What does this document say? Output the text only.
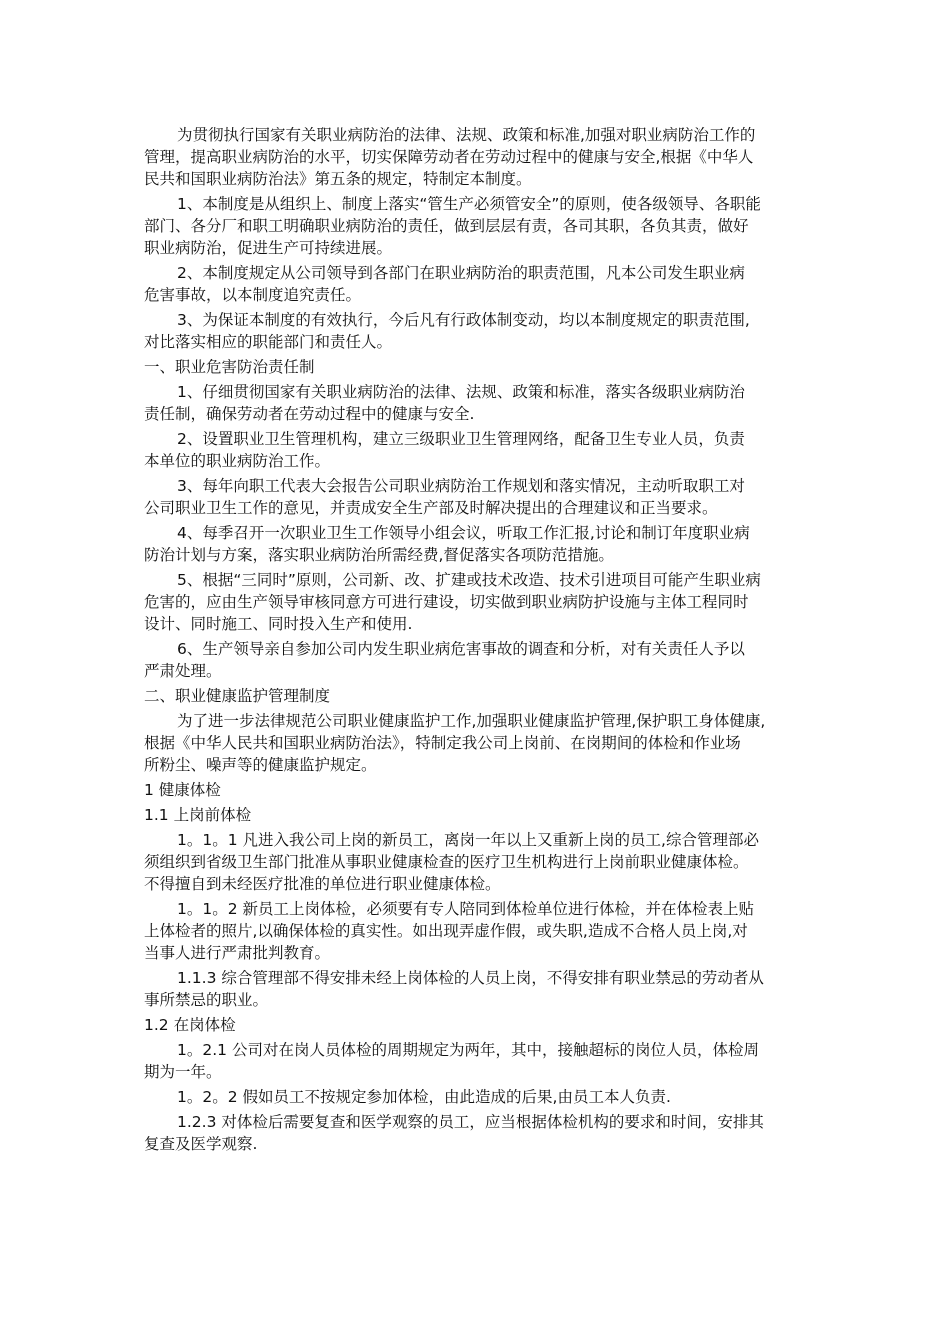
为贯彻执行国家有关职业病防治的法律、法规、政策和标准,加强对职业病防治工作的
管理，提高职业病防治的水平，切实保障劳动者在劳动过程中的健康与安全,根据《中华人
民共和国职业病防治法》第五条的规定，特制定本制度。
1、本制度是从组织上、制度上落实“管生产必须管安全”的原则，使各级领导、各职能
部门、各分厂和职工明确职业病防治的责任，做到层层有责，各司其职，各负其责，做好
职业病防治，促进生产可持续进展。
2、本制度规定从公司领导到各部门在职业病防治的职责范围，凡本公司发生职业病
危害事故，以本制度追究责任。
3、为保证本制度的有效执行，今后凡有行政体制变动，均以本制度规定的职责范围,
对比落实相应的职能部门和责任人。
一、职业危害防治责任制
1、仔细贯彻国家有关职业病防治的法律、法规、政策和标准，落实各级职业病防治
责任制，确保劳动者在劳动过程中的健康与安全.
2、设置职业卫生管理机构，建立三级职业卫生管理网络，配备卫生专业人员，负责
本单位的职业病防治工作。
3、每年向职工代表大会报告公司职业病防治工作规划和落实情况，主动听取职工对
公司职业卫生工作的意见，并责成安全生产部及时解决提出的合理建议和正当要求。
4、每季召开一次职业卫生工作领导小组会议，听取工作汇报,讨论和制订年度职业病
防治计划与方案，落实职业病防治所需经费,督促落实各项防范措施。
5、根据“三同时”原则，公司新、改、扩建或技术改造、技术引进项目可能产生职业病
危害的，应由生产领导审核同意方可进行建设，切实做到职业病防护设施与主体工程同时
设计、同时施工、同时投入生产和使用.
6、生产领导亲自参加公司内发生职业病危害事故的调查和分析，对有关责任人予以
严肃处理。
二、职业健康监护管理制度
为了进一步法律规范公司职业健康监护工作,加强职业健康监护管理,保护职工身体健康,
根据《中华人民共和国职业病防治法》，特制定我公司上岗前、在岗期间的体检和作业场
所粉尘、噪声等的健康监护规定。
1 健康体检
1.1 上岗前体检
1。1。1 凡进入我公司上岗的新员工，离岗一年以上又重新上岗的员工,综合管理部必
须组织到省级卫生部门批准从事职业健康检查的医疗卫生机构进行上岗前职业健康体检。
不得擅自到未经医疗批准的单位进行职业健康体检。
1。1。2 新员工上岗体检，必须要有专人陪同到体检单位进行体检，并在体检表上贴
上体检者的照片,以确保体检的真实性。如出现弄虚作假，或失职,造成不合格人员上岗,对
当事人进行严肃批判教育。
1.1.3 综合管理部不得安排未经上岗体检的人员上岗，不得安排有职业禁忌的劳动者从
事所禁忌的职业。
1.2 在岗体检
1。2.1 公司对在岗人员体检的周期规定为两年，其中，接触超标的岗位人员，体检周
期为一年。
1。2。2 假如员工不按规定参加体检，由此造成的后果,由员工本人负责.
1.2.3 对体检后需要复查和医学观察的员工，应当根据体检机构的要求和时间，安排其
复查及医学观察.
